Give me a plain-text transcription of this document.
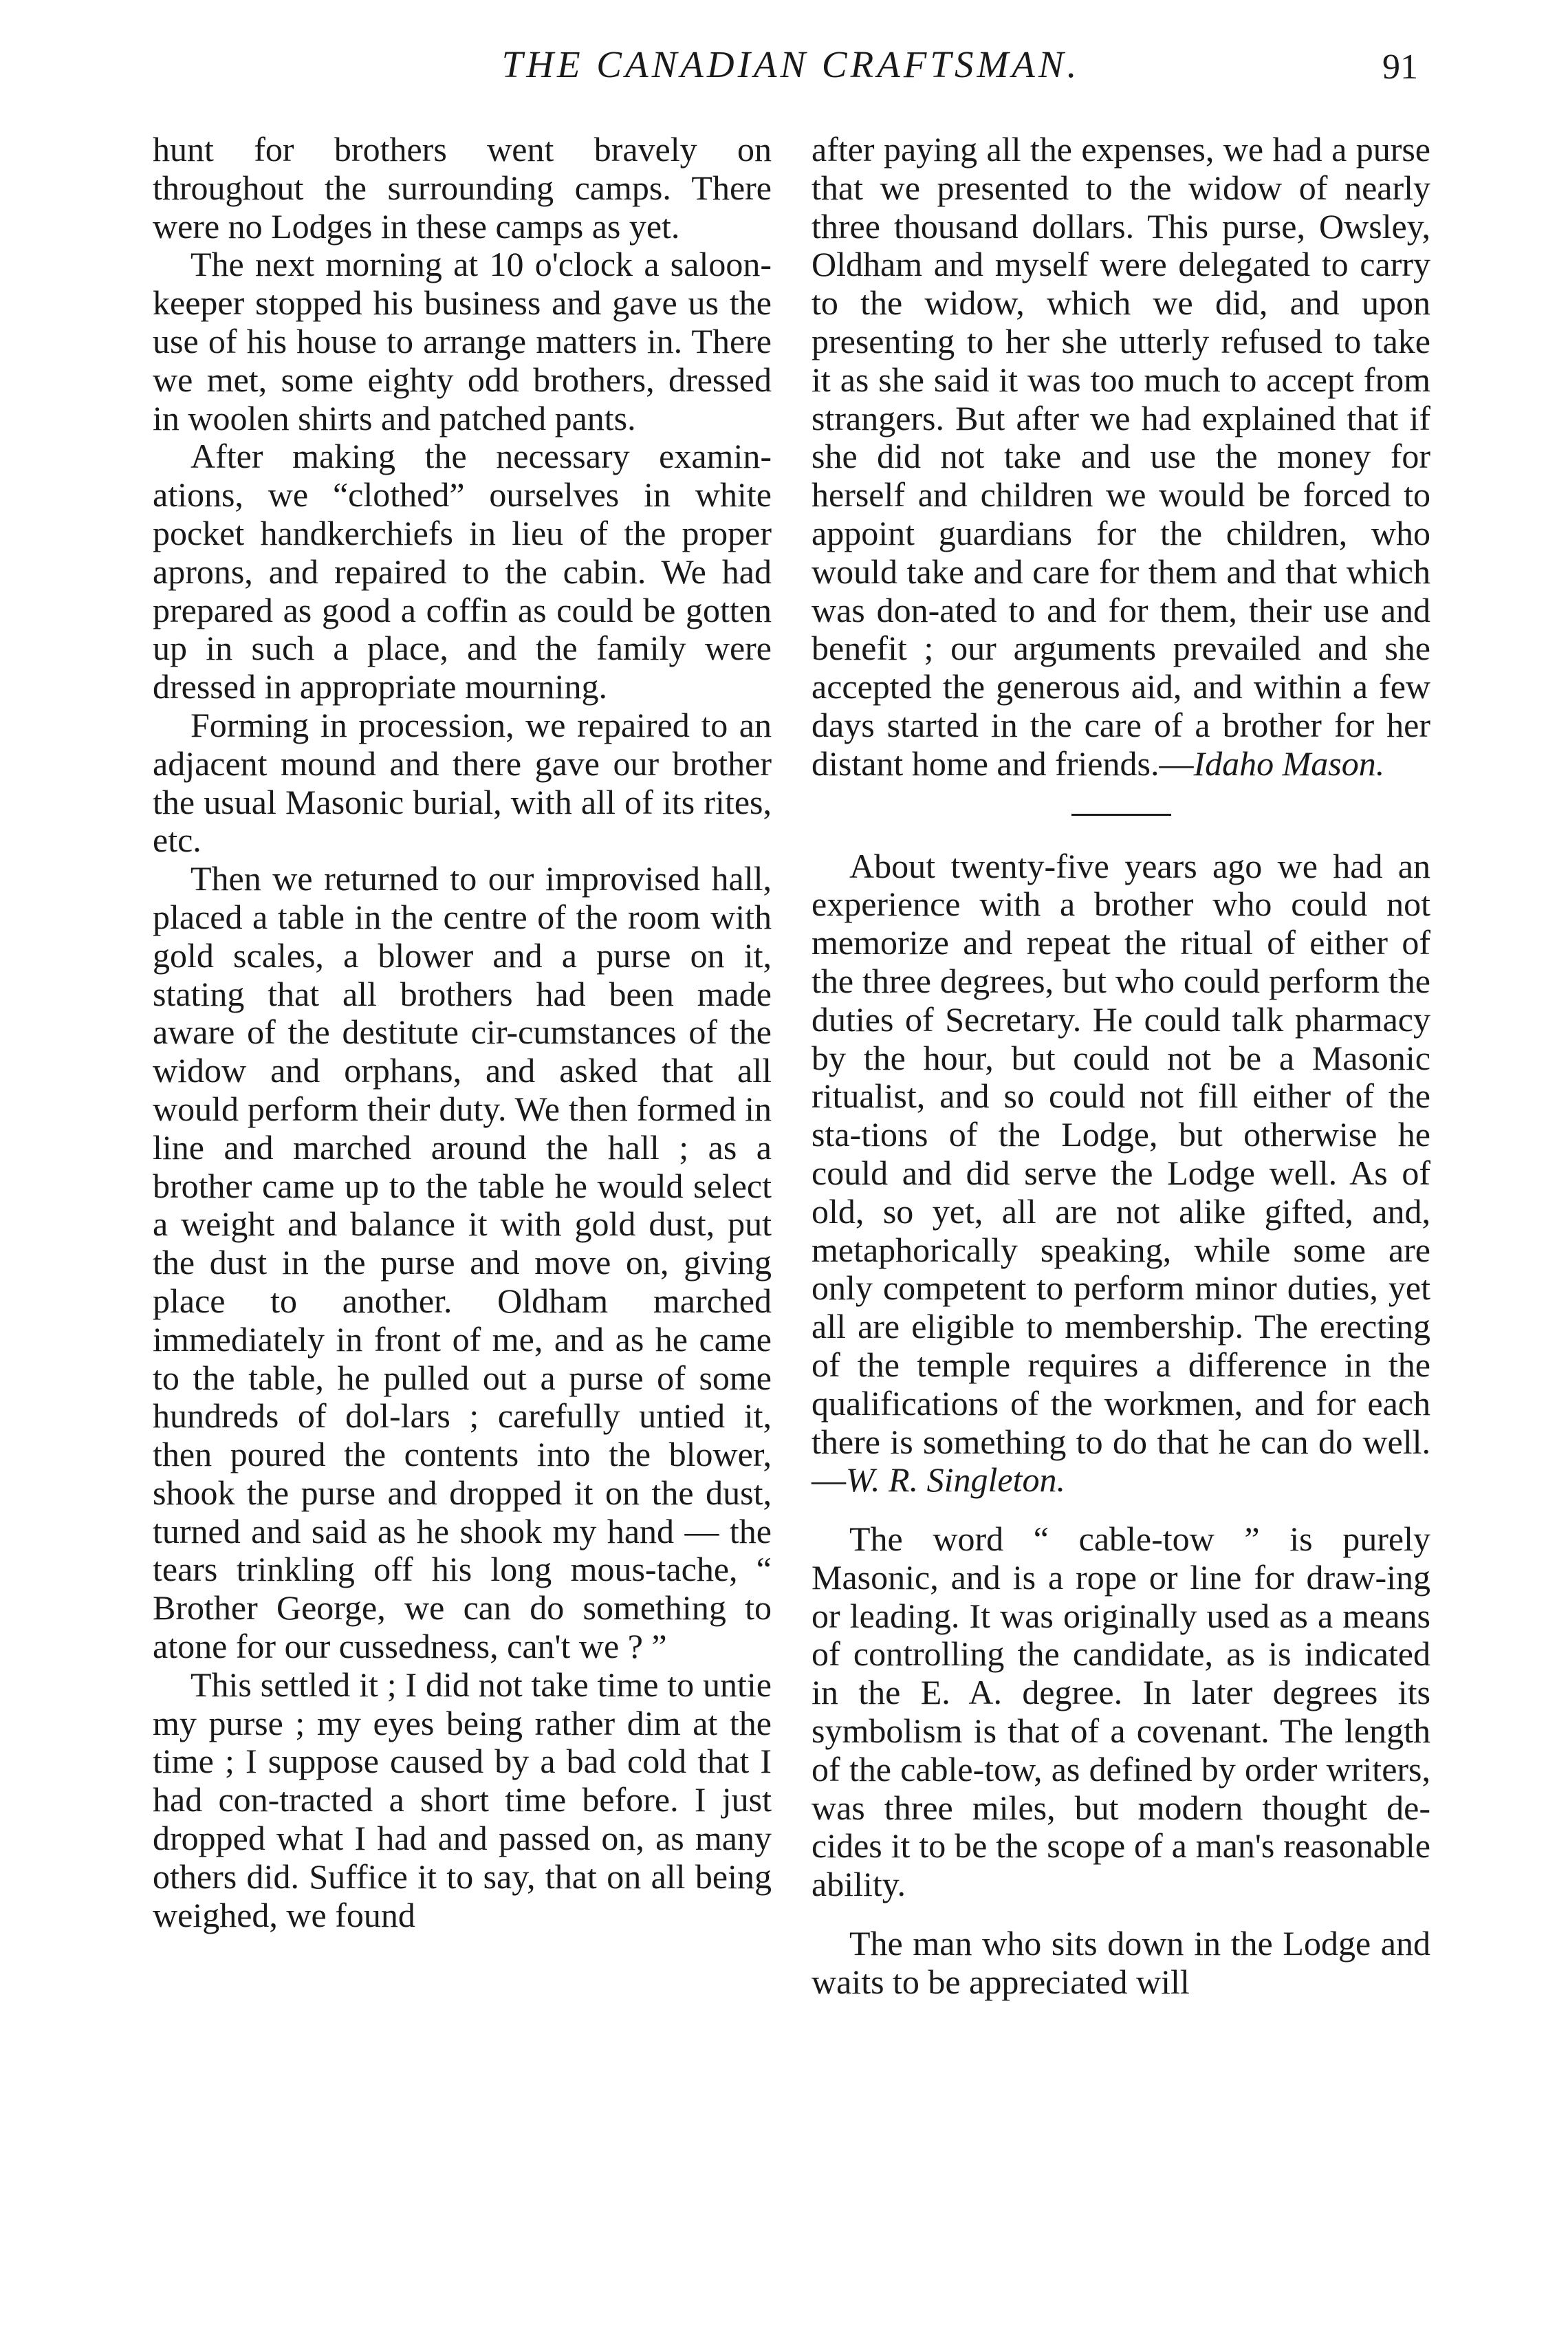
THE CANADIAN CRAFTSMAN.	91

hunt for brothers went bravely on throughout the surrounding camps. There were no Lodges in these camps as yet.

The next morning at 10 o'clock a saloon-keeper stopped his business and gave us the use of his house to arrange matters in. There we met, some eighty odd brothers, dressed in woolen shirts and patched pants.

After making the necessary examin-ations, we “clothed” ourselves in white pocket handkerchiefs in lieu of the proper aprons, and repaired to the cabin. We had prepared as good a coffin as could be gotten up in such a place, and the family were dressed in appropriate mourning.

Forming in procession, we repaired to an adjacent mound and there gave our brother the usual Masonic burial, with all of its rites, etc.

Then we returned to our improvised hall, placed a table in the centre of the room with gold scales, a blower and a purse on it, stating that all brothers had been made aware of the destitute cir-cumstances of the widow and orphans, and asked that all would perform their duty. We then formed in line and marched around the hall ; as a brother came up to the table he would select a weight and balance it with gold dust, put the dust in the purse and move on, giving place to another. Oldham marched immediately in front of me, and as he came to the table, he pulled out a purse of some hundreds of dol-lars ; carefully untied it, then poured the contents into the blower, shook the purse and dropped it on the dust, turned and said as he shook my hand — the tears trinkling off his long mous-tache, “ Brother George, we can do something to atone for our cussedness, can't we ? ”

This settled it ; I did not take time to untie my purse ; my eyes being rather dim at the time ; I suppose caused by a bad cold that I had con-tracted a short time before. I just dropped what I had and passed on, as many others did. Suffice it to say, that on all being weighed, we found

after paying all the expenses, we had a purse that we presented to the widow of nearly three thousand dollars. This purse, Owsley, Oldham and myself were delegated to carry to the widow, which we did, and upon presenting to her she utterly refused to take it as she said it was too much to accept from strangers. But after we had explained that if she did not take and use the money for herself and children we would be forced to appoint guardians for the children, who would take and care for them and that which was don-ated to and for them, their use and benefit ; our arguments prevailed and she accepted the generous aid, and within a few days started in the care of a brother for her distant home and friends.—Idaho Mason.

About twenty-five years ago we had an experience with a brother who could not memorize and repeat the ritual of either of the three degrees, but who could perform the duties of Secretary. He could talk pharmacy by the hour, but could not be a Masonic ritualist, and so could not fill either of the sta-tions of the Lodge, but otherwise he could and did serve the Lodge well. As of old, so yet, all are not alike gifted, and, metaphorically speaking, while some are only competent to perform minor duties, yet all are eligible to membership. The erecting of the temple requires a difference in the qualifications of the workmen, and for each there is something to do that he can do well.—W. R. Singleton.

The word “ cable-tow ” is purely Masonic, and is a rope or line for draw-ing or leading. It was originally used as a means of controlling the candidate, as is indicated in the E. A. degree. In later degrees its symbolism is that of a covenant. The length of the cable-tow, as defined by order writers, was three miles, but modern thought de-cides it to be the scope of a man's reasonable ability.

The man who sits down in the Lodge and waits to be appreciated will
